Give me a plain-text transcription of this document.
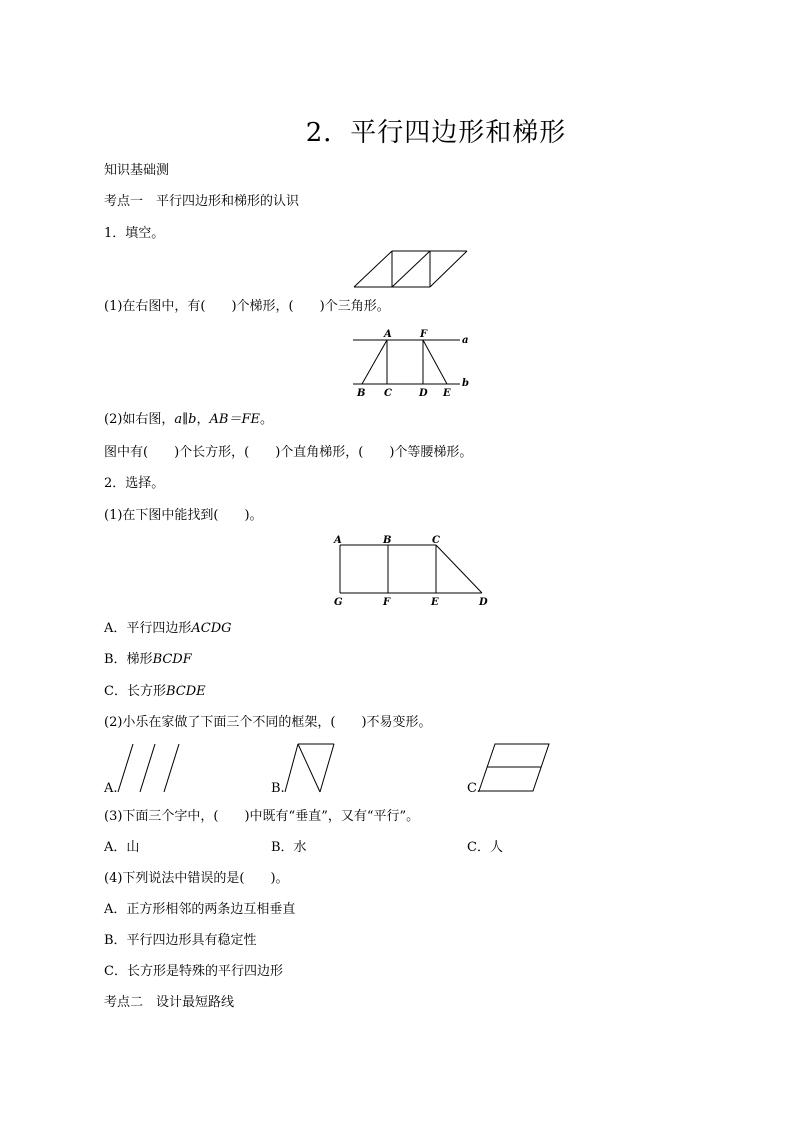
2．平行四边形和梯形
知识基础测
考点一　平行四边形和梯形的认识
1．填空。
(1)在右图中，有(　　)个梯形，(　　)个三角形。
A	F
a
b
B C	D E
(2)如右图，a∥b，AB＝FE。
图中有(　　)个长方形，(　　)个直角梯形，(　　)个等腰梯形。
2．选择。
(1)在下图中能找到(　　)。
A	B	C
G	F	E	D
A．平行四边形ACDG
B．梯形BCDF
C．长方形BCDE
(2)小乐在家做了下面三个不同的框架，(　　)不易变形。
A.	B.	C.
(3)下面三个字中，(　　)中既有“垂直”，又有“平行”。
A．山	B．水	C．人
(4)下列说法中错误的是(　　)。
A．正方形相邻的两条边互相垂直
B．平行四边形具有稳定性
C．长方形是特殊的平行四边形
考点二　设计最短路线
